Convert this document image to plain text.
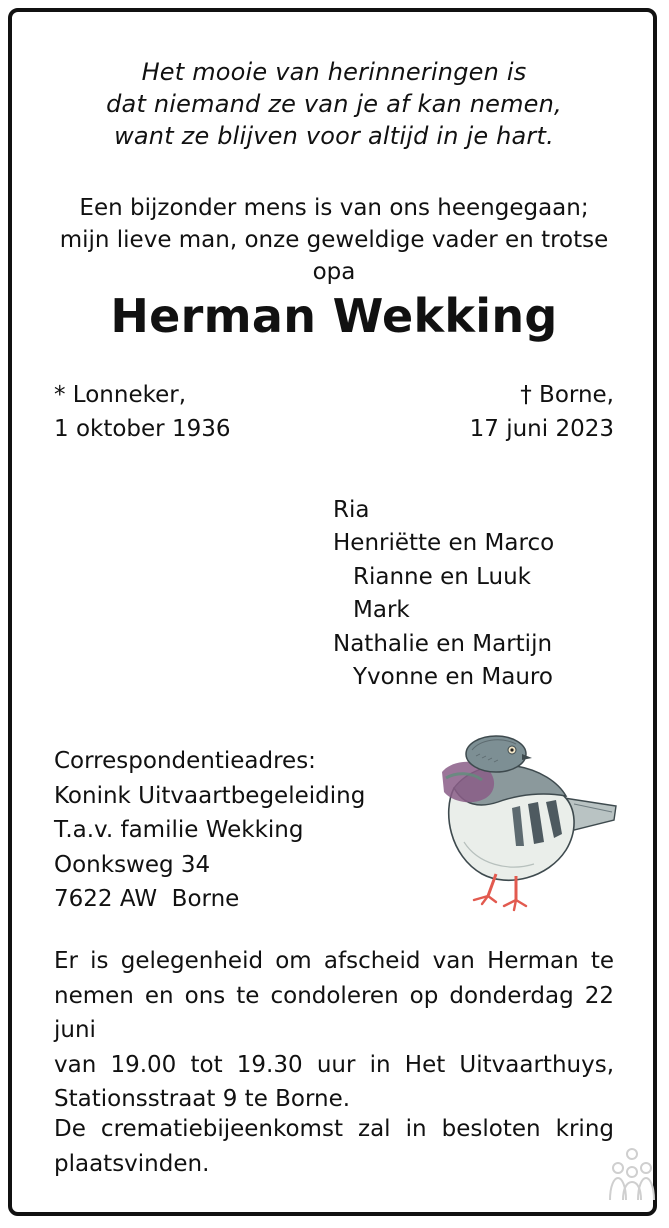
Het mooie van herinneringen is
dat niemand ze van je af kan nemen,
want ze blijven voor altijd in je hart.
Een bijzonder mens is van ons heengegaan;
mijn lieve man, onze geweldige vader en trotse opa
Herman Wekking
* Lonneker,
1 oktober 1936
† Borne,
17 juni 2023
Ria
Henriëtte en Marco
Rianne en Luuk
Mark
Nathalie en Martijn
Yvonne en Mauro
Correspondentieadres:
Konink Uitvaartbegeleiding
T.a.v. familie Wekking
Oonksweg 34
7622 AW  Borne
Er is gelegenheid om afscheid van Herman te
nemen en ons te condoleren op donderdag 22 juni
van 19.00 tot 19.30 uur in Het Uitvaarthuys,
Stationsstraat 9 te Borne.
De crematiebijeenkomst zal in besloten kring
plaatsvinden.
